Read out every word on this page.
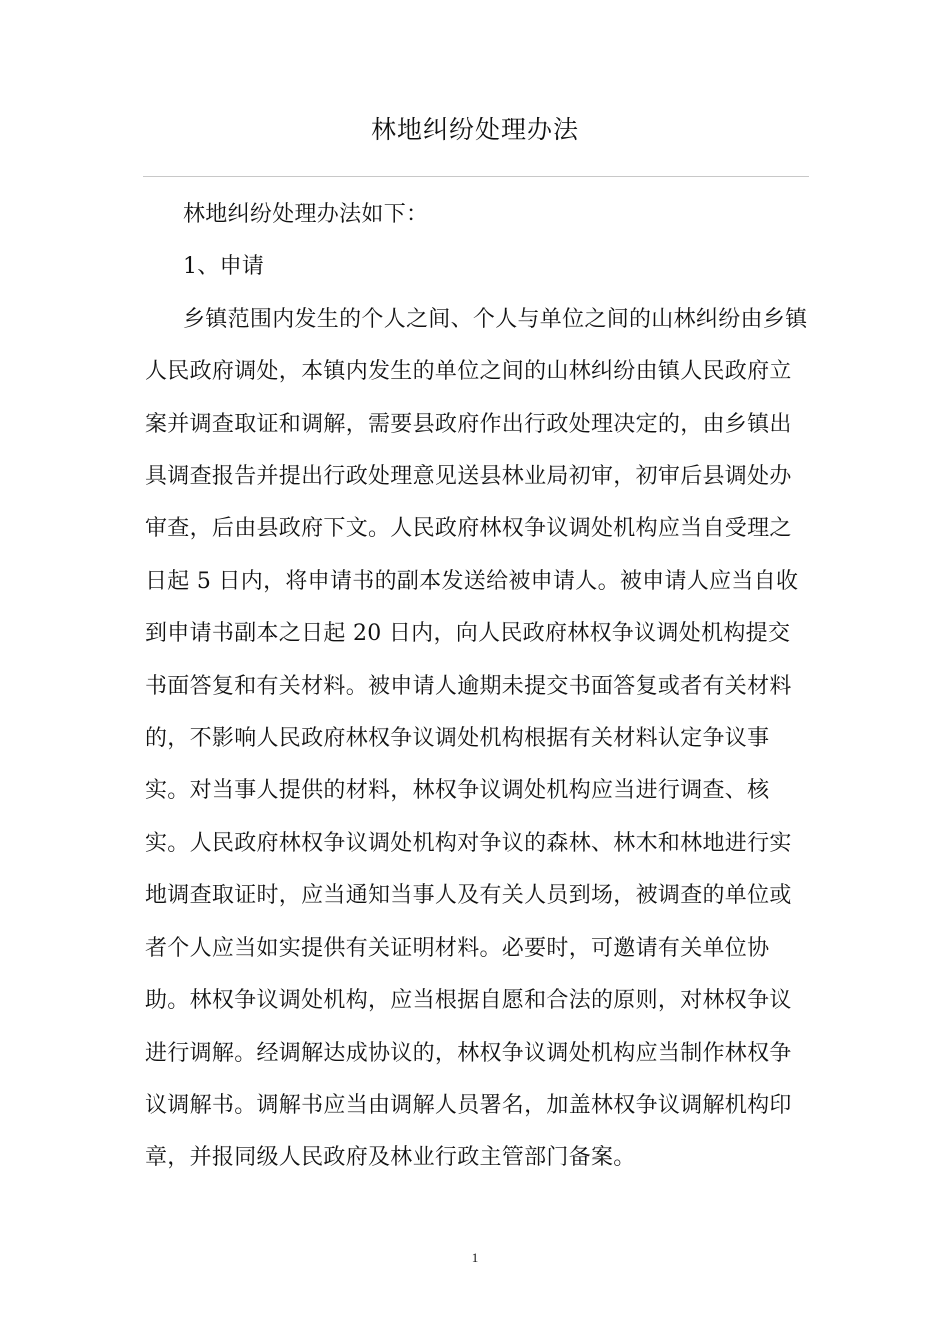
林地纠纷处理办法

林地纠纷处理办法如下：

1、申请

乡镇范围内发生的个人之间、个人与单位之间的山林纠纷由乡镇人民政府调处，本镇内发生的单位之间的山林纠纷由镇人民政府立案并调查取证和调解，需要县政府作出行政处理决定的，由乡镇出具调查报告并提出行政处理意见送县林业局初审，初审后县调处办审查，后由县政府下文。人民政府林权争议调处机构应当自受理之日起 5 日内，将申请书的副本发送给被申请人。被申请人应当自收到申请书副本之日起 20 日内，向人民政府林权争议调处机构提交书面答复和有关材料。被申请人逾期未提交书面答复或者有关材料的，不影响人民政府林权争议调处机构根据有关材料认定争议事实。对当事人提供的材料，林权争议调处机构应当进行调查、核实。人民政府林权争议调处机构对争议的森林、林木和林地进行实地调查取证时，应当通知当事人及有关人员到场，被调查的单位或者个人应当如实提供有关证明材料。必要时，可邀请有关单位协助。林权争议调处机构，应当根据自愿和合法的原则，对林权争议进行调解。经调解达成协议的，林权争议调处机构应当制作林权争议调解书。调解书应当由调解人员署名，加盖林权争议调解机构印章，并报同级人民政府及林业行政主管部门备案。

1
